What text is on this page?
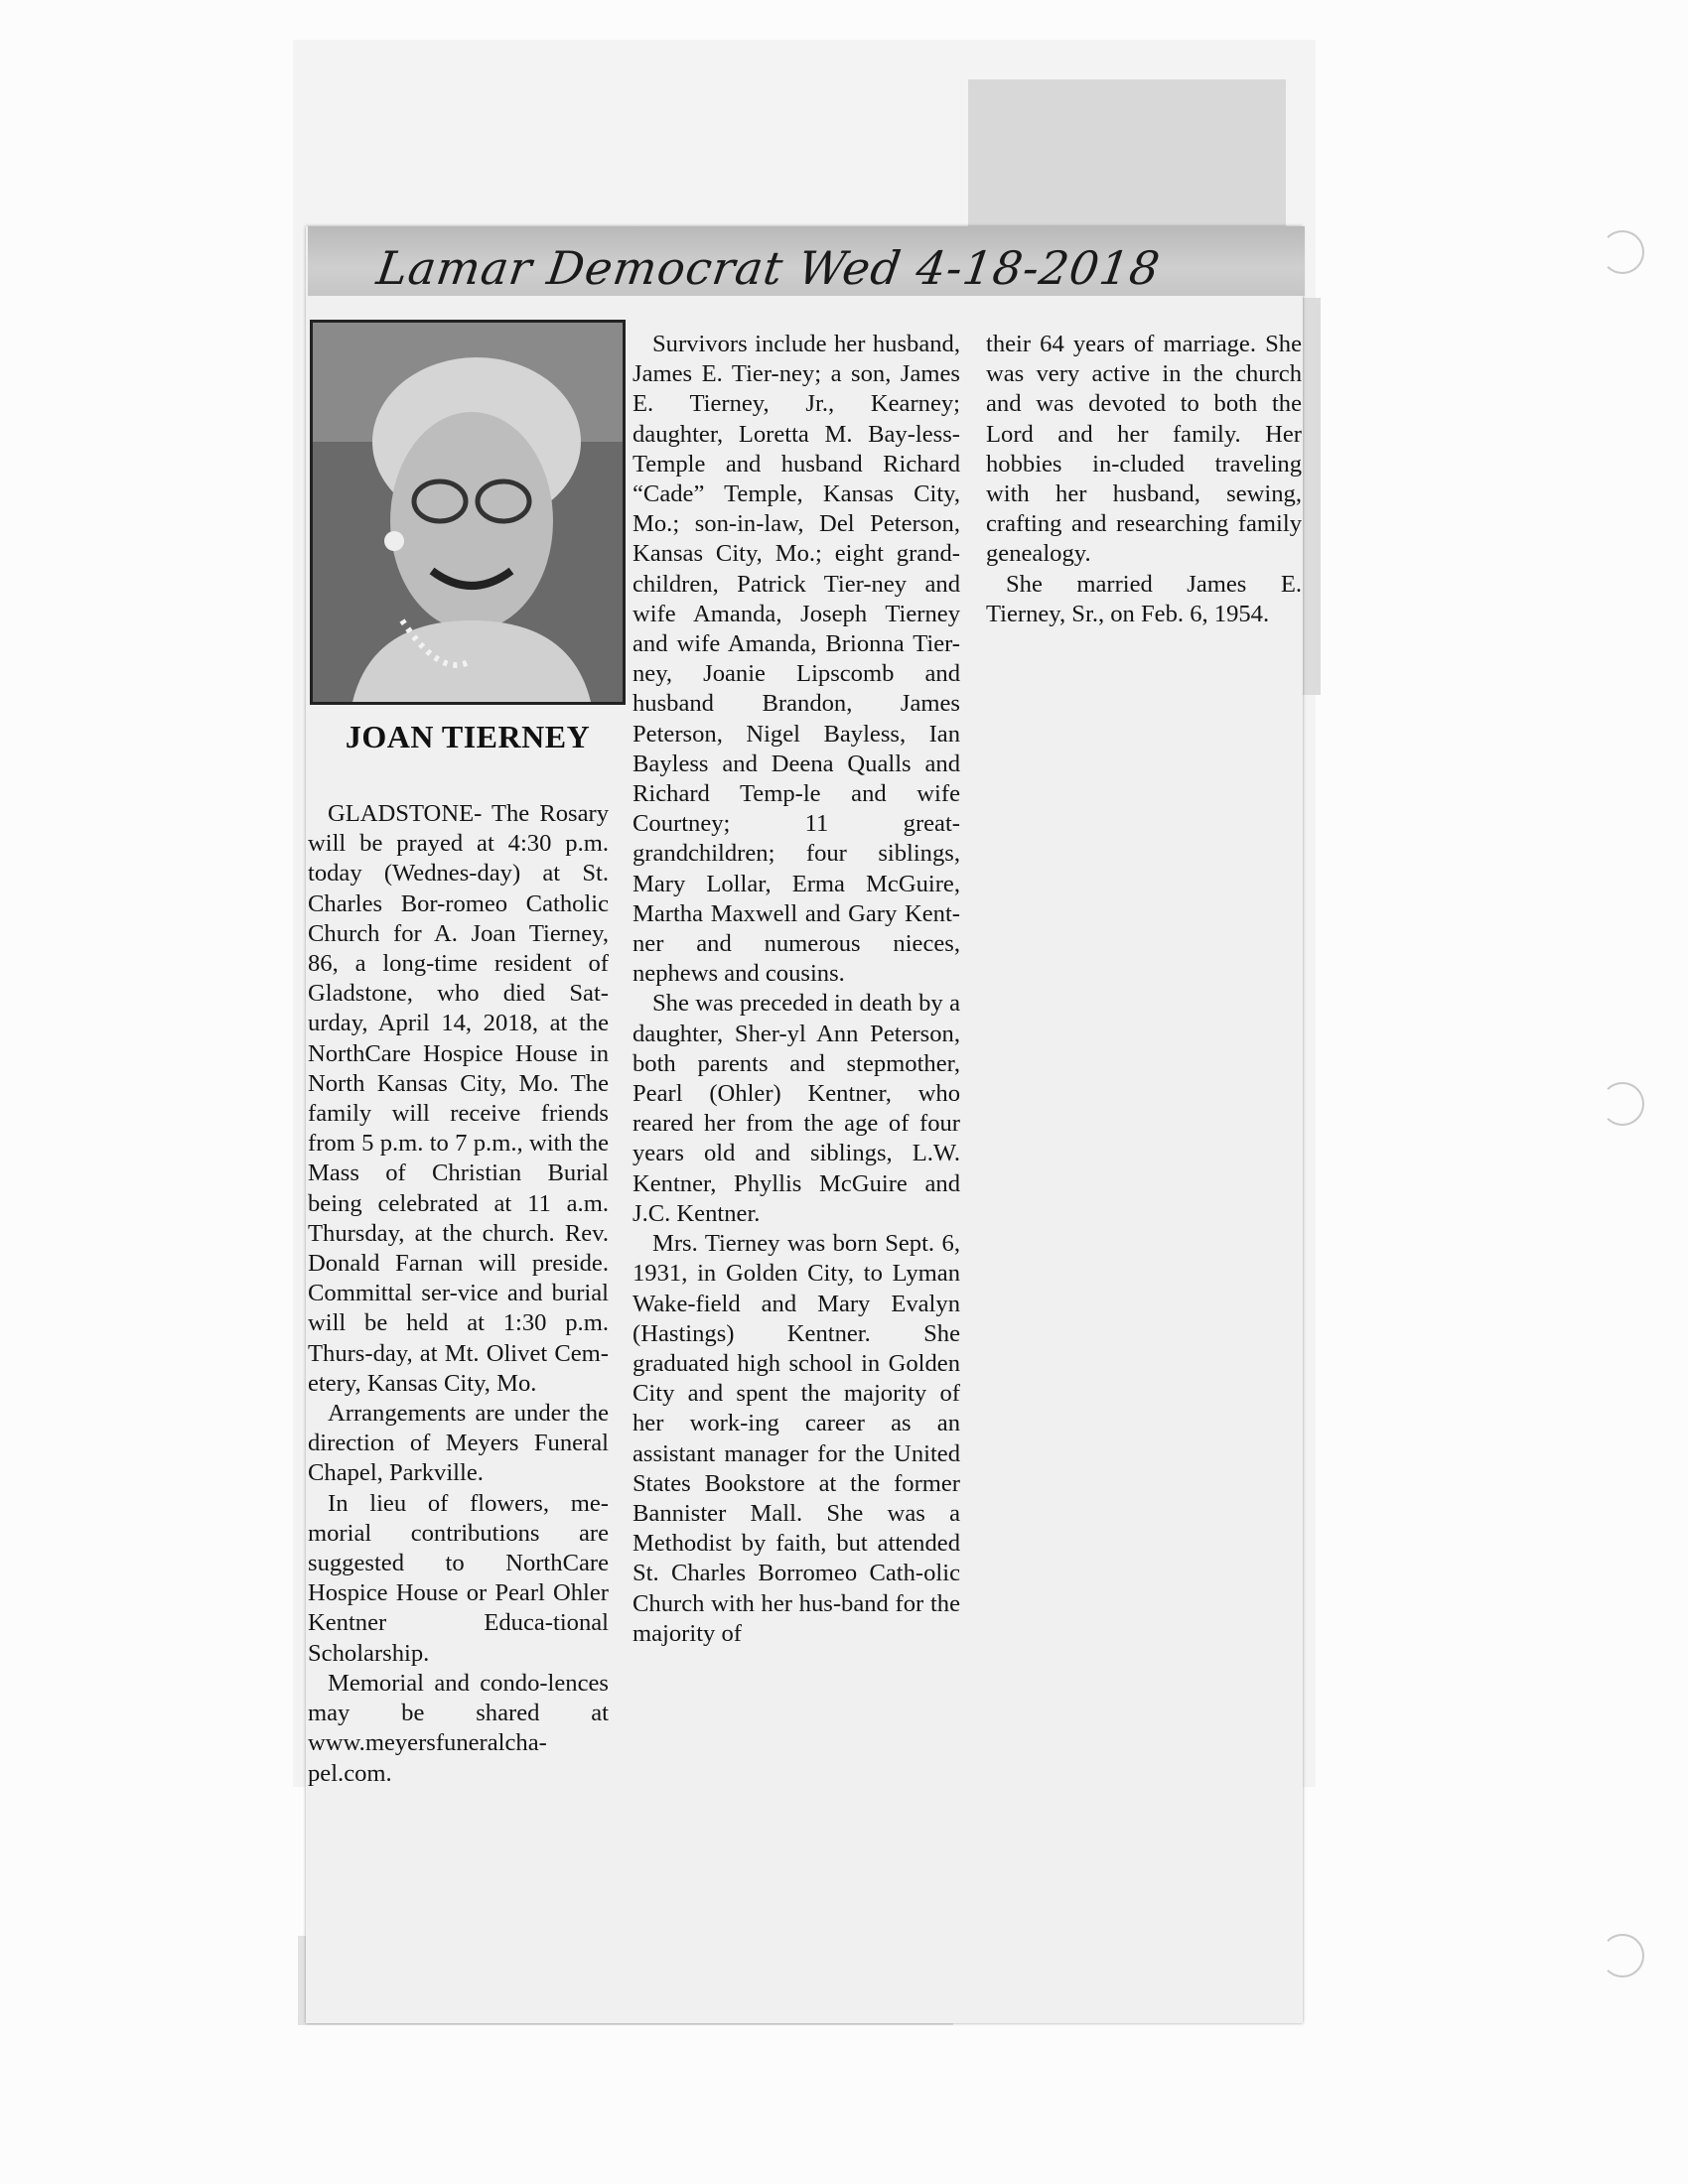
Lamar Democrat Wed 4-18-2018
JOAN TIERNEY

GLADSTONE- The Rosary will be prayed at 4:30 p.m. today (Wednes-day) at St. Charles Bor-romeo Catholic Church for A. Joan Tierney, 86, a long-time resident of Gladstone, who died Sat-urday, April 14, 2018, at the NorthCare Hospice House in North Kansas City, Mo. The family will receive friends from 5 p.m. to 7 p.m., with the Mass of Christian Burial being celebrated at 11 a.m. Thursday, at the church. Rev. Donald Farnan will preside. Committal ser-vice and burial will be held at 1:30 p.m. Thurs-day, at Mt. Olivet Cem-etery, Kansas City, Mo.

Arrangements are under the direction of Meyers Funeral Chapel, Parkville.

In lieu of flowers, me-morial contributions are suggested to NorthCare Hospice House or Pearl Ohler Kentner Educa-tional Scholarship.

Memorial and condo-lences may be shared at www.meyersfuneralcha-pel.com.

Survivors include her husband, James E. Tier-ney; a son, James E. Tierney, Jr., Kearney; daughter, Loretta M. Bay-less-Temple and husband Richard “Cade” Temple, Kansas City, Mo.; son-in-law, Del Peterson, Kansas City, Mo.; eight grand-children, Patrick Tier-ney and wife Amanda, Joseph Tierney and wife Amanda, Brionna Tier-ney, Joanie Lipscomb and husband Brandon, James Peterson, Nigel Bayless, Ian Bayless and Deena Qualls and Richard Temp-le and wife Courtney; 11 great-grandchildren; four siblings, Mary Lollar, Erma McGuire, Martha Maxwell and Gary Kent-ner and numerous nieces, nephews and cousins.

She was preceded in death by a daughter, Sher-yl Ann Peterson, both parents and stepmother, Pearl (Ohler) Kentner, who reared her from the age of four years old and siblings, L.W. Kentner, Phyllis McGuire and J.C. Kentner.

Mrs. Tierney was born Sept. 6, 1931, in Golden City, to Lyman Wake-field and Mary Evalyn (Hastings) Kentner. She graduated high school in Golden City and spent the majority of her work-ing career as an assistant manager for the United States Bookstore at the former Bannister Mall. She was a Methodist by faith, but attended St. Charles Borromeo Cath-olic Church with her hus-band for the majority of

their 64 years of marriage. She was very active in the church and was devoted to both the Lord and her family. Her hobbies in-cluded traveling with her husband, sewing, crafting and researching family genealogy.

She married James E. Tierney, Sr., on Feb. 6, 1954.
